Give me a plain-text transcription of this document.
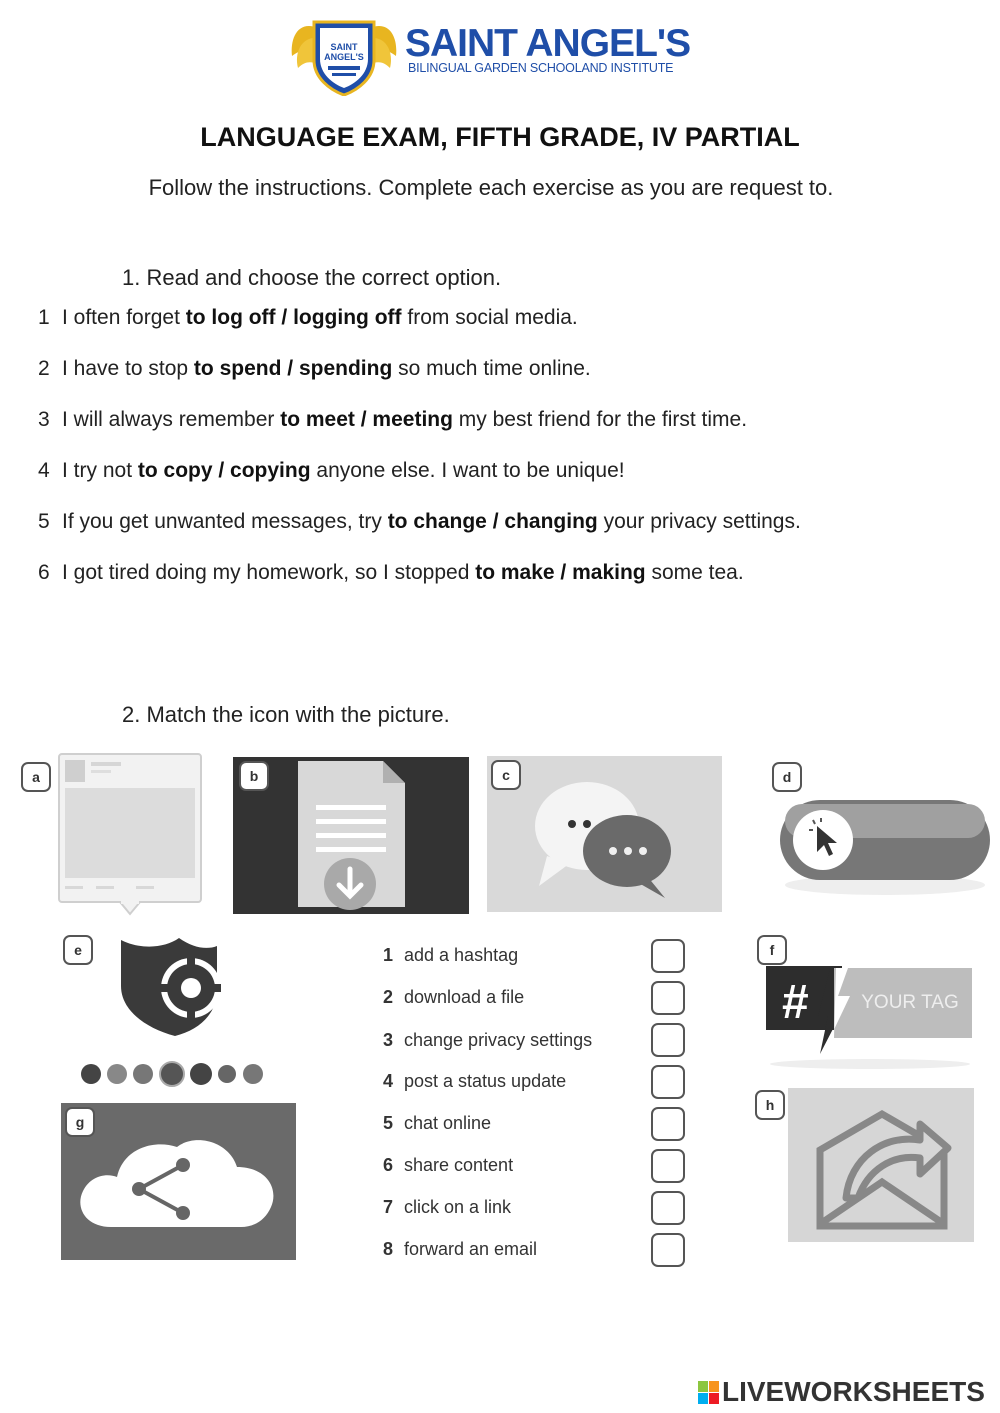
SAINT
ANGEL'S SAINT ANGEL'S
BILINGUAL GARDEN SCHOOLAND INSTITUTE
LANGUAGE EXAM, FIFTH GRADE, IV PARTIAL
Follow the instructions. Complete each exercise as you are request to.
1. Read and choose the correct option.
1 I often forget to log off / logging off from social media.
2 I have to stop to spend / spending so much time online.
3 I will always remember to meet / meeting my best friend for the first time.
4 I try not to copy / copying anyone else. I want to be unique!
5 If you get unwanted messages, try to change / changing your privacy settings.
6 I got tired doing my homework, so I stopped to make / making some tea.
2. Match the icon with the picture.
a	b	c	d
e
#	YOUR TAG
f
g
h
1 add a hashtag
2 download a file
3 change privacy settings
4 post a status update
5 chat online
6 share content
7 click on a link
8 forward an email
LIVEWORKSHEETS
